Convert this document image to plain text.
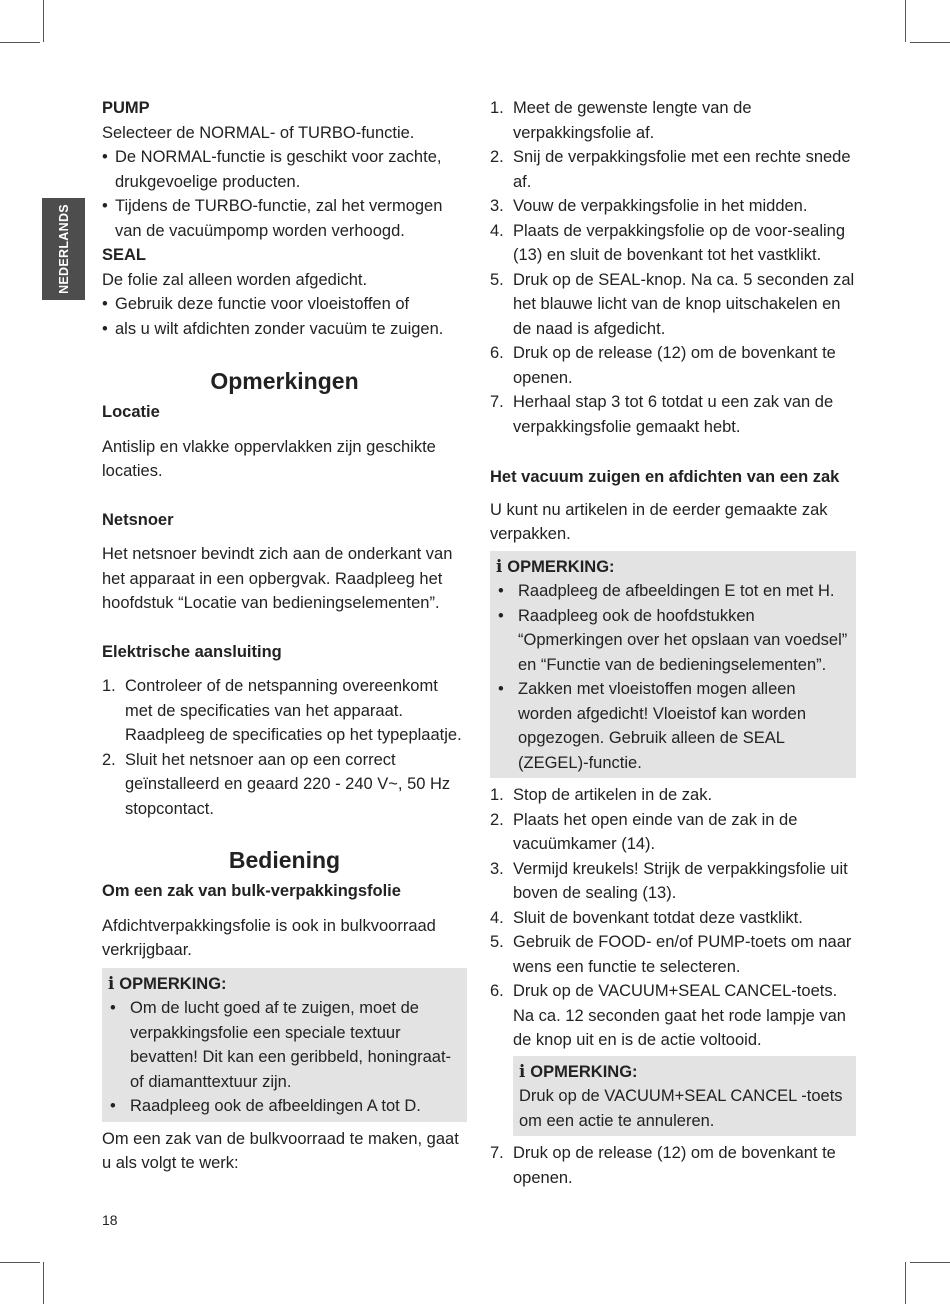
NEDERLANDS
PUMP

Selecteer de NORMAL- of TURBO-functie.

• De NORMAL-functie is geschikt voor zachte, drukgevoelige producten.
• Tijdens de TURBO-functie, zal het vermogen van de vacuümpomp worden verhoogd.
SEAL

De folie zal alleen worden afgedicht.

• Gebruik deze functie voor vloeistoffen of
• als u wilt afdichten zonder vacuüm te zuigen.
Opmerkingen
Locatie

Antislip en vlakke oppervlakken zijn geschikte locaties.

Netsnoer

Het netsnoer bevindt zich aan de onderkant van het apparaat in een opbergvak. Raadpleeg het hoofdstuk “Locatie van bedieningselementen”.

Elektrische aansluiting
1. Controleer of de netspanning overeenkomt met de specificaties van het apparaat. Raadpleeg de specificaties op het typeplaatje.
2. Sluit het netsnoer aan op een correct geïnstalleerd en geaard 220 - 240 V~, 50 Hz stopcontact.
Bediening
Om een zak van bulk-verpakkingsfolie

Afdichtverpakkingsfolie is ook in bulkvoorraad verkrijgbaar.

i OPMERKING:
• Om de lucht goed af te zuigen, moet de verpakkingsfolie een speciale textuur bevatten! Dit kan een geribbeld, honingraat- of diamanttextuur zijn.
• Raadpleeg ook de afbeeldingen A tot D.

Om een zak van de bulkvoorraad te maken, gaat u als volgt te werk:

1. Meet de gewenste lengte van de verpakkingsfolie af.
2. Snij de verpakkingsfolie met een rechte snede af.
3. Vouw de verpakkingsfolie in het midden.
4. Plaats de verpakkingsfolie op de voor-sealing (13) en sluit de bovenkant tot het vastklikt.
5. Druk op de SEAL-knop. Na ca. 5 seconden zal het blauwe licht van de knop uitschakelen en de naad is afgedicht.
6. Druk op de release (12) om de bovenkant te openen.
7. Herhaal stap 3 tot 6 totdat u een zak van de verpakkingsfolie gemaakt hebt.
Het vacuum zuigen en afdichten van een zak

U kunt nu artikelen in de eerder gemaakte zak verpakken.

i OPMERKING:
• Raadpleeg de afbeeldingen E tot en met H.
• Raadpleeg ook de hoofdstukken “Opmerkingen over het opslaan van voedsel” en “Functie van de bedieningselementen”.
• Zakken met vloeistoffen mogen alleen worden afgedicht! Vloeistof kan worden opgezogen. Gebruik alleen de SEAL (ZEGEL)-functie.
1. Stop de artikelen in de zak.
2. Plaats het open einde van de zak in de vacuümkamer (14).
3. Vermijd kreukels! Strijk de verpakkingsfolie uit boven de sealing (13).
4. Sluit de bovenkant totdat deze vastklikt.
5. Gebruik de FOOD- en/of PUMP-toets om naar wens een functie te selecteren.
6. Druk op de VACUUM+SEAL CANCEL-toets. Na ca. 12 seconden gaat het rode lampje van de knop uit en is de actie voltooid.
i OPMERKING:

Druk op de VACUUM+SEAL CANCEL -toets om een actie te annuleren.

7. Druk op de release (12) om de bovenkant te openen.
18
